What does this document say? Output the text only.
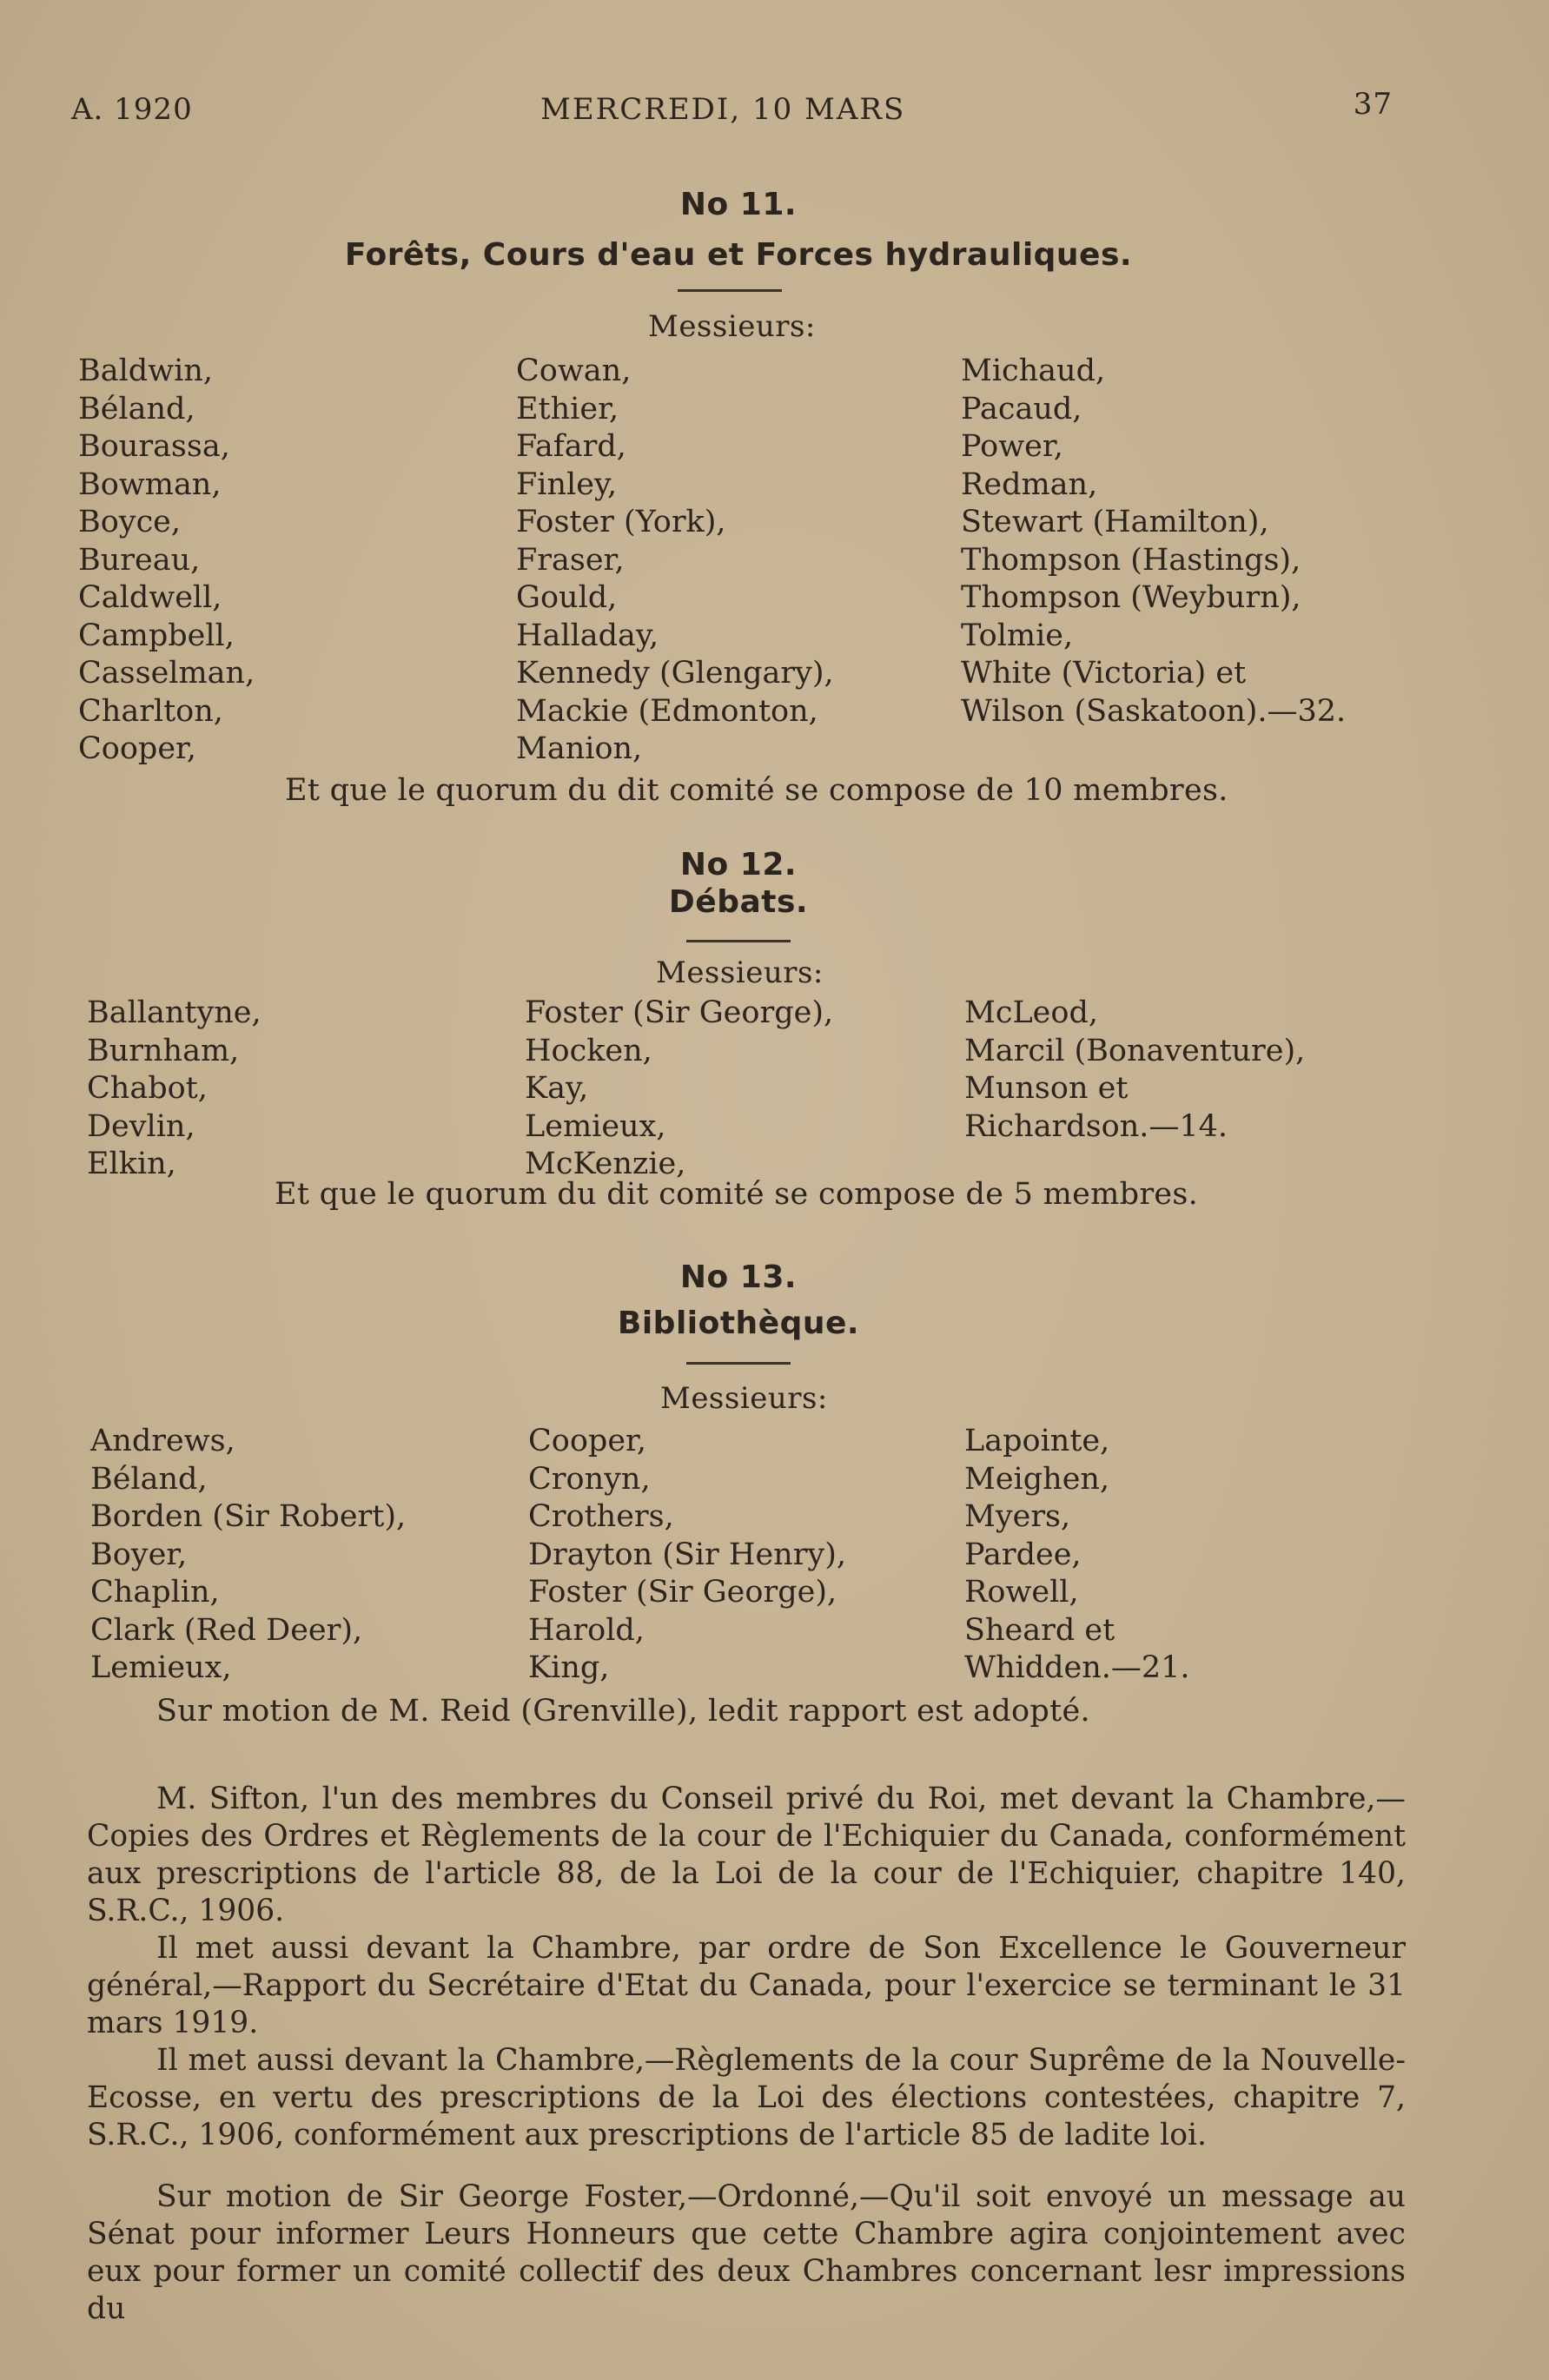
A. 1920	MERCREDI, 10 MARS	37
No 11.
Forêts, Cours d'eau et Forces hydrauliques.
Messieurs:
Baldwin,
Béland,
Bourassa,
Bowman,
Boyce,
Bureau,
Caldwell,
Campbell,
Casselman,
Charlton,
Cooper,
Cowan,
Ethier,
Fafard,
Finley,
Foster (York),
Fraser,
Gould,
Halladay,
Kennedy (Glengary),
Mackie (Edmonton,
Manion,
Michaud,
Pacaud,
Power,
Redman,
Stewart (Hamilton),
Thompson (Hastings),
Thompson (Weyburn),
Tolmie,
White (Victoria) et
Wilson (Saskatoon).—32.
Et que le quorum du dit comité se compose de 10 membres.
No 12.
Débats.
Messieurs:
Ballantyne,
Burnham,
Chabot,
Devlin,
Elkin,
Foster (Sir George),
Hocken,
Kay,
Lemieux,
McKenzie,
McLeod,
Marcil (Bonaventure),
Munson et
Richardson.—14.
Et que le quorum du dit comité se compose de 5 membres.
No 13.
Bibliothèque.
Messieurs:
Andrews,
Béland,
Borden (Sir Robert),
Boyer,
Chaplin,
Clark (Red Deer),
Lemieux,
Cooper,
Cronyn,
Crothers,
Drayton (Sir Henry),
Foster (Sir George),
Harold,
King,
Lapointe,
Meighen,
Myers,
Pardee,
Rowell,
Sheard et
Whidden.—21.
Sur motion de M. Reid (Grenville), ledit rapport est adopté.

M. Sifton, l'un des membres du Conseil privé du Roi, met devant la Chambre,—Copies des Ordres et Règlements de la cour de l'Echiquier du Canada, conformément aux prescriptions de l'article 88, de la Loi de la cour de l'Echiquier, chapitre 140, S.R.C., 1906.

Il met aussi devant la Chambre, par ordre de Son Excellence le Gouverneur général,—Rapport du Secrétaire d'Etat du Canada, pour l'exercice se terminant le 31 mars 1919.

Il met aussi devant la Chambre,—Règlements de la cour Suprême de la Nouvelle-Ecosse, en vertu des prescriptions de la Loi des élections contestées, chapitre 7, S.R.C., 1906, conformément aux prescriptions de l'article 85 de ladite loi.

Sur motion de Sir George Foster,—Ordonné,—Qu'il soit envoyé un message au Sénat pour informer Leurs Honneurs que cette Chambre agira conjointement avec eux pour former un comité collectif des deux Chambres concernant lesr impressions du
